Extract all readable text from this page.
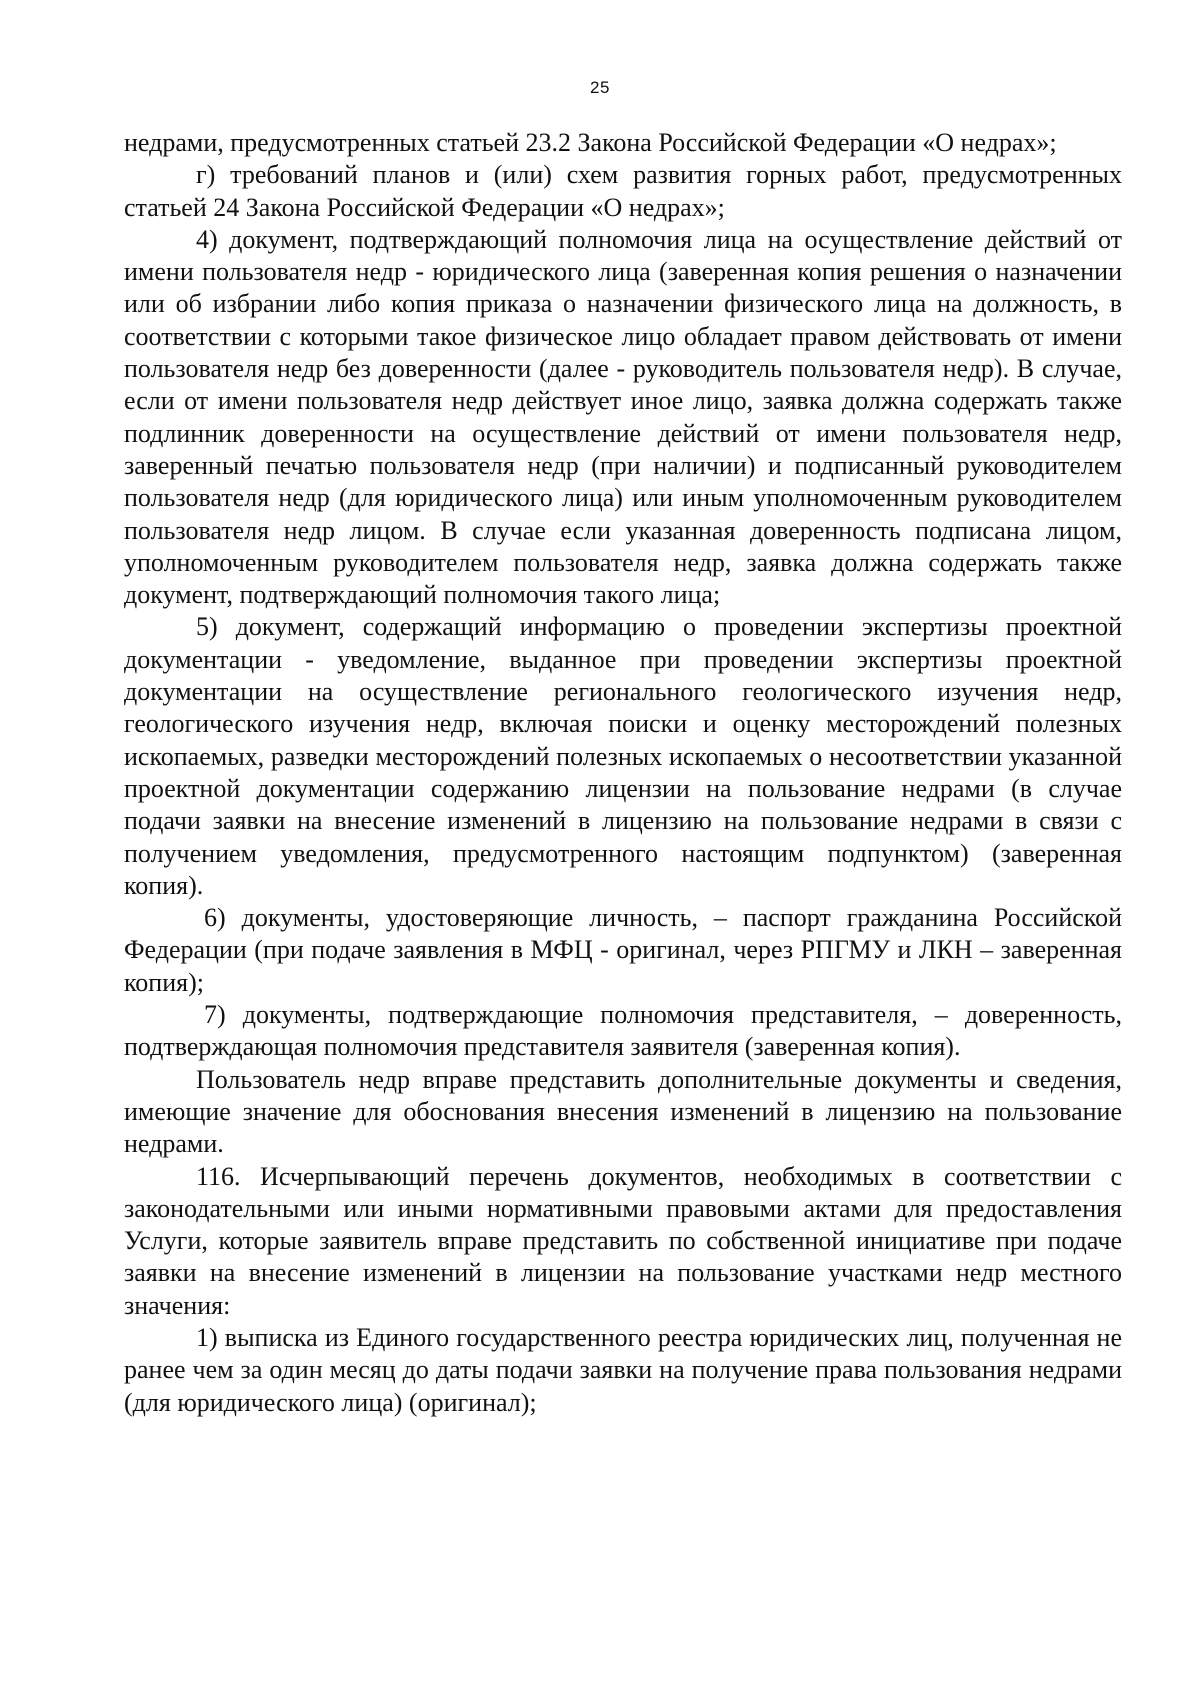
25

недрами, предусмотренных статьей 23.2 Закона Российской Федерации «О недрах»;

г) требований планов и (или) схем развития горных работ, предусмотренных статьей 24 Закона Российской Федерации «О недрах»;

4) документ, подтверждающий полномочия лица на осуществление действий от имени пользователя недр - юридического лица (заверенная копия решения о назначении или об избрании либо копия приказа о назначении физического лица на должность, в соответствии с которыми такое физическое лицо обладает правом действовать от имени пользователя недр без доверенности (далее - руководитель пользователя недр). В случае, если от имени пользователя недр действует иное лицо, заявка должна содержать также подлинник доверенности на осуществление действий от имени пользователя недр, заверенный печатью пользователя недр (при наличии) и подписанный руководителем пользователя недр (для юридического лица) или иным уполномоченным руководителем пользователя недр лицом. В случае если указанная доверенность подписана лицом, уполномоченным руководителем пользователя недр, заявка должна содержать также документ, подтверждающий полномочия такого лица;

5) документ, содержащий информацию о проведении экспертизы проектной документации - уведомление, выданное при проведении экспертизы проектной документации на осуществление регионального геологического изучения недр, геологического изучения недр, включая поиски и оценку месторождений полезных ископаемых, разведки месторождений полезных ископаемых о несоответствии указанной проектной документации содержанию лицензии на пользование недрами (в случае подачи заявки на внесение изменений в лицензию на пользование недрами в связи с получением уведомления, предусмотренного настоящим подпунктом) (заверенная копия).

6) документы, удостоверяющие личность, – паспорт гражданина Российской Федерации (при подаче заявления в МФЦ - оригинал, через РПГМУ и ЛКН – заверенная копия);

7) документы, подтверждающие полномочия представителя, – доверенность, подтверждающая полномочия представителя заявителя (заверенная копия).

Пользователь недр вправе представить дополнительные документы и сведения, имеющие значение для обоснования внесения изменений в лицензию на пользование недрами.

116. Исчерпывающий перечень документов, необходимых в соответствии с законодательными или иными нормативными правовыми актами для предоставления Услуги, которые заявитель вправе представить по собственной инициативе при подаче заявки на внесение изменений в лицензии на пользование участками недр местного значения:

1) выписка из Единого государственного реестра юридических лиц, полученная не ранее чем за один месяц до даты подачи заявки на получение права пользования недрами (для юридического лица) (оригинал);
